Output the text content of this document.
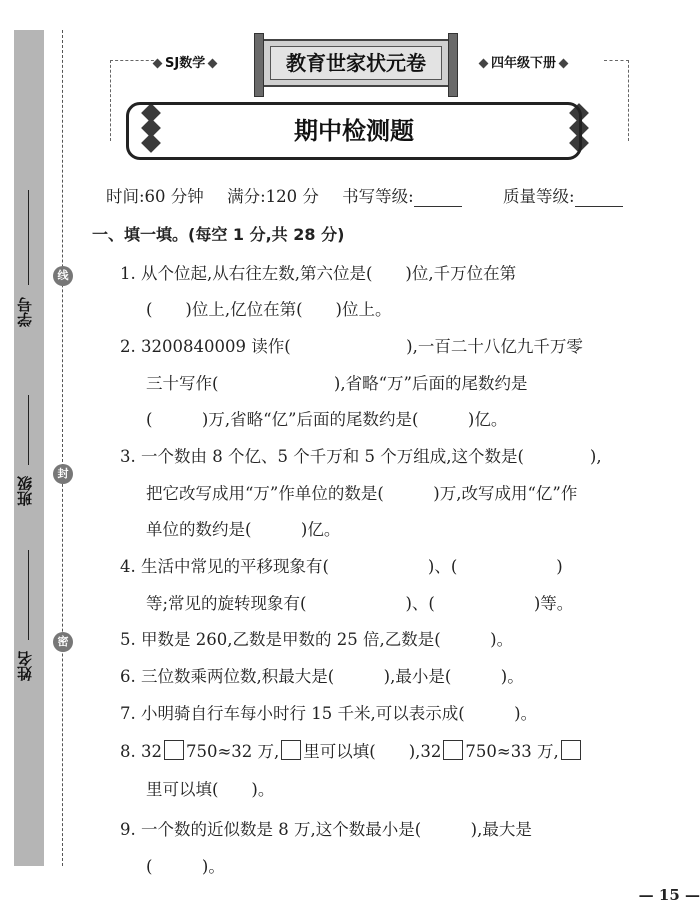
学号
班级
姓名
线
封
密
SJ数学	教育世家状元卷	四年级下册
期中检测题
时间:60 分钟 满分:120 分 书写等级:	质量等级:
一、填一填。(每空 1 分,共 28 分)
1. 从个位起,从右往左数,第六位是(　　)位,千万位在第
(　　)位上,亿位在第(　　)位上。
2. 3200840009 读作(　　　　　　　),一百二十八亿九千万零
三十写作(　　　　　　　),省略“万”后面的尾数约是
(　　　)万,省略“亿”后面的尾数约是(　　　)亿。
3. 一个数由 8 个亿、5 个千万和 5 个万组成,这个数是(　　　　),
把它改写成用“万”作单位的数是(　　　)万,改写成用“亿”作
单位的数约是(　　　)亿。
4. 生活中常见的平移现象有(　　　　　　)、(　　　　　　)
等;常见的旋转现象有(　　　　　　)、(　　　　　　)等。
5. 甲数是 260,乙数是甲数的 25 倍,乙数是(　　　)。
6. 三位数乘两位数,积最大是(　　　),最小是(　　　)。
7. 小明骑自行车每小时行 15 千米,可以表示成(　　　)。
8. 32 750≈32 万, 里可以填(　　),32 750≈33 万,
里可以填(　　)。
9. 一个数的近似数是 8 万,这个数最小是(　　　),最大是
(　　　)。
— 15 —
